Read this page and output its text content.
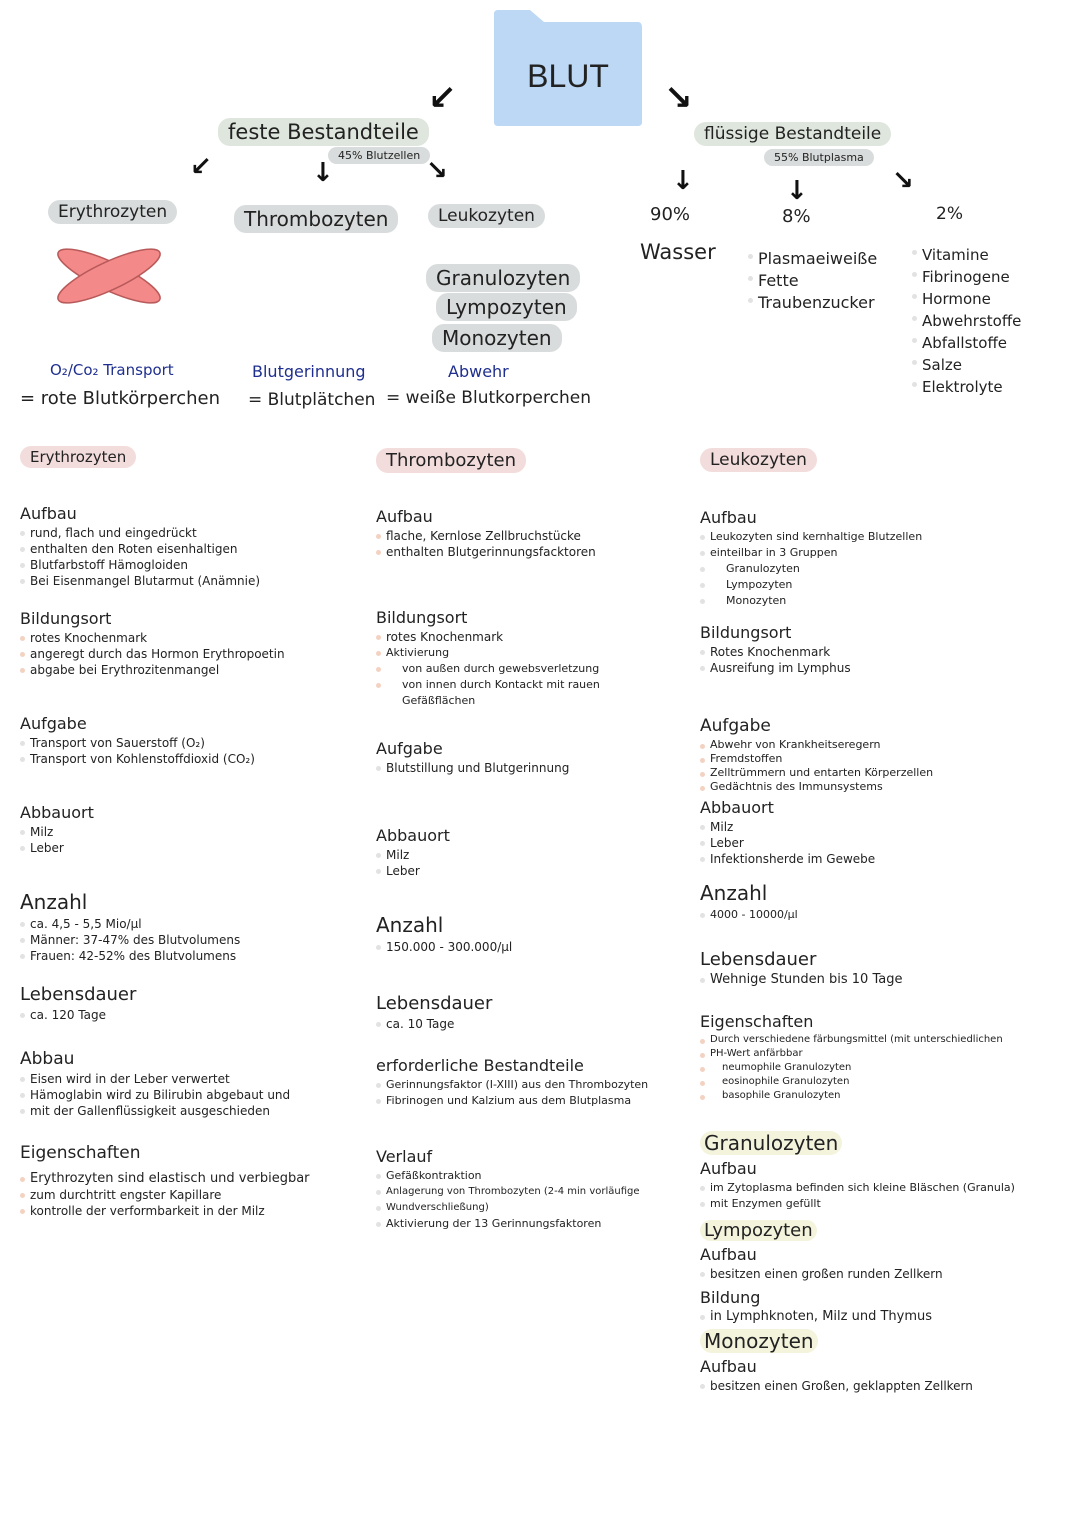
BLUT
↙	↘
feste Bestandteile
45% Blutzellen
↙	↓	↘
flüssige Bestandteile
55% Blutplasma
↓	↓	↘
Erythrozyten	Thrombozyten	Leukozyten
Granulozyten
Lympozyten
Monozyten
O₂/Co₂ Transport
= rote Blutkörperchen
Blutgerinnung
= Blutplätchen
Abwehr
= weiße Blutkorperchen
90%
Wasser
8%
Plasmaeiweiße
Fette
Traubenzucker
2%
Vitamine
Fibrinogene
Hormone
Abwehrstoffe
Abfallstoffe
Salze
Elektrolyte
Erythrozyten
Aufbau
rund, flach und eingedrückt
enthalten den Roten eisenhaltigen
Blutfarbstoff Hämogloiden
Bei Eisenmangel Blutarmut (Anämnie)
Bildungsort
rotes Knochenmark
angeregt durch das Hormon Erythropoetin
abgabe bei Erythrozitenmangel
Aufgabe
Transport von Sauerstoff (O₂)
Transport von Kohlenstoffdioxid (CO₂)
Abbauort
Milz
Leber
Anzahl
ca. 4,5 - 5,5 Mio/µl
Männer: 37-47% des Blutvolumens
Frauen: 42-52% des Blutvolumens
Lebensdauer
ca. 120 Tage
Abbau
Eisen wird in der Leber verwertet
Hämoglabin wird zu Bilirubin abgebaut und
mit der Gallenflüssigkeit ausgeschieden
Eigenschaften
Erythrozyten sind elastisch und verbiegbar
zum durchtritt engster Kapillare
kontrolle der verformbarkeit in der Milz
Thrombozyten
Aufbau
flache, Kernlose Zellbruchstücke
enthalten Blutgerinnungsfacktoren
Bildungsort
rotes Knochenmark
Aktivierung
von außen durch gewebsverletzung
von innen durch Kontackt mit rauen Gefäßflächen
Aufgabe
Blutstillung und Blutgerinnung
Abbauort
Milz
Leber
Anzahl
150.000 - 300.000/µl
Lebensdauer
ca. 10 Tage
erforderliche Bestandteile
Gerinnungsfaktor (I-XIII) aus den Thrombozyten
Fibrinogen und Kalzium aus dem Blutplasma
Verlauf
Gefäßkontraktion
Anlagerung von Thrombozyten (2-4 min vorläufige
Wundverschließung)
Aktivierung der 13 Gerinnungsfaktoren
Leukozyten
Aufbau
Leukozyten sind kernhaltige Blutzellen
einteilbar in 3 Gruppen
Granulozyten
Lympozyten
Monozyten
Bildungsort
Rotes Knochenmark
Ausreifung im Lymphus
Aufgabe
Abwehr von Krankheitseregern
Fremdstoffen
Zelltrümmern und entarten Körperzellen
Gedächtnis des Immunsystems
Abbauort
Milz
Leber
Infektionsherde im Gewebe
Anzahl
4000 - 10000/µl
Lebensdauer
Wehnige Stunden bis 10 Tage
Eigenschaften
Durch verschiedene färbungsmittel (mit unterschiedlichen
PH-Wert anfärbbar
neumophile Granulozyten
eosinophile Granulozyten
basophile Granulozyten
Granulozyten
Aufbau
im Zytoplasma befinden sich kleine Bläschen (Granula)
mit Enzymen gefüllt
Lympozyten
Aufbau
besitzen einen großen runden Zellkern
Bildung
in Lymphknoten, Milz und Thymus
Monozyten
Aufbau
besitzen einen Großen, geklappten Zellkern
